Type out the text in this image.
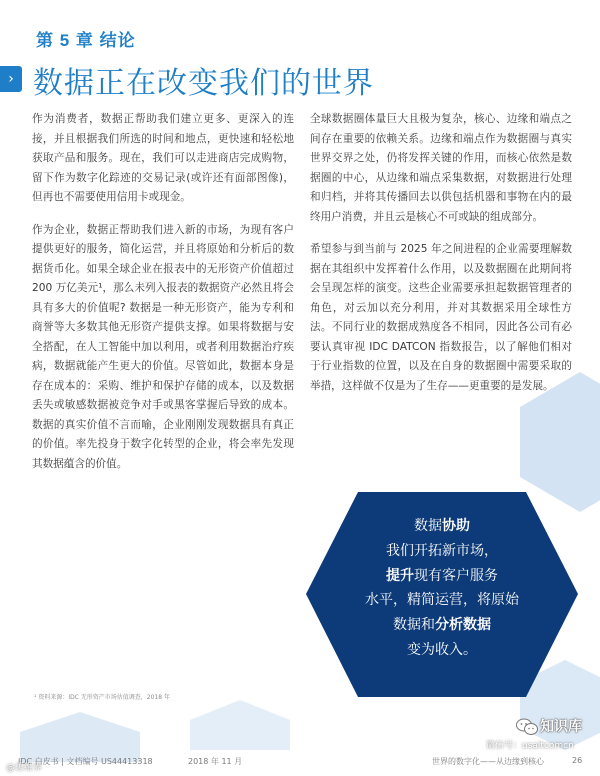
第 5 章 结论
› 数据正在改变我们的世界

作为消费者，数据正帮助我们建立更多、更深入的连接，并且根据我们所选的时间和地点，更快速和轻松地获取产品和服务。现在，我们可以走进商店完成购物，留下作为数字化踪迹的交易记录(或许还有面部图像)，但再也不需要使用信用卡或现金。

作为企业，数据正帮助我们进入新的市场，为现有客户提供更好的服务，简化运营，并且将原始和分析后的数据货币化。如果全球企业在报表中的无形资产价值超过 200 万亿美元¹，那么未列入报表的数据资产必然且将会具有多大的价值呢? 数据是一种无形资产，能为专利和商誉等大多数其他无形资产提供支撑。如果将数据与安全搭配，在人工智能中加以利用，或者利用数据治疗疾病，数据就能产生更大的价值。尽管如此，数据本身是存在成本的：采购、维护和保护存储的成本，以及数据丢失或敏感数据被竞争对手或黑客掌握后导致的成本。数据的真实价值不言而喻，企业刚刚发现数据具有真正的价值。率先投身于数字化转型的企业，将会率先发现其数据蕴含的价值。

全球数据圈体量巨大且极为复杂，核心、边缘和端点之间存在重要的依赖关系。边缘和端点作为数据圈与真实世界交界之处，仍将发挥关键的作用，而核心依然是数据圈的中心，从边缘和端点采集数据，对数据进行处理和归档，并将其传播回去以供包括机器和事物在内的最终用户消费，并且云是核心不可或缺的组成部分。

希望参与到当前与 2025 年之间进程的企业需要理解数据在其组织中发挥着什么作用，以及数据圈在此期间将会呈现怎样的演变。这些企业需要承担起数据管理者的角色，对云加以充分利用，并对其数据采用全球性方法。不同行业的数据成熟度各不相同，因此各公司有必要认真审视 IDC DATCON 指数报告，以了解他们相对于行业指数的位置，以及在自身的数据圈中需要采取的举措，这样做不仅是为了生存——更重要的是发展。

数据协助
我们开拓新市场，
提升现有客户服务
水平，精简运营，将原始
数据和分析数据
变为收入。
¹ 资料来源：IDC 无形资产市场估值调查，2018 年
IDC 白皮书 | 文档编号 US44413318	2018 年 11 月	世界的数字化——从边缘到核心	26
知识库
微信号：usaitcomcn
@思维界
